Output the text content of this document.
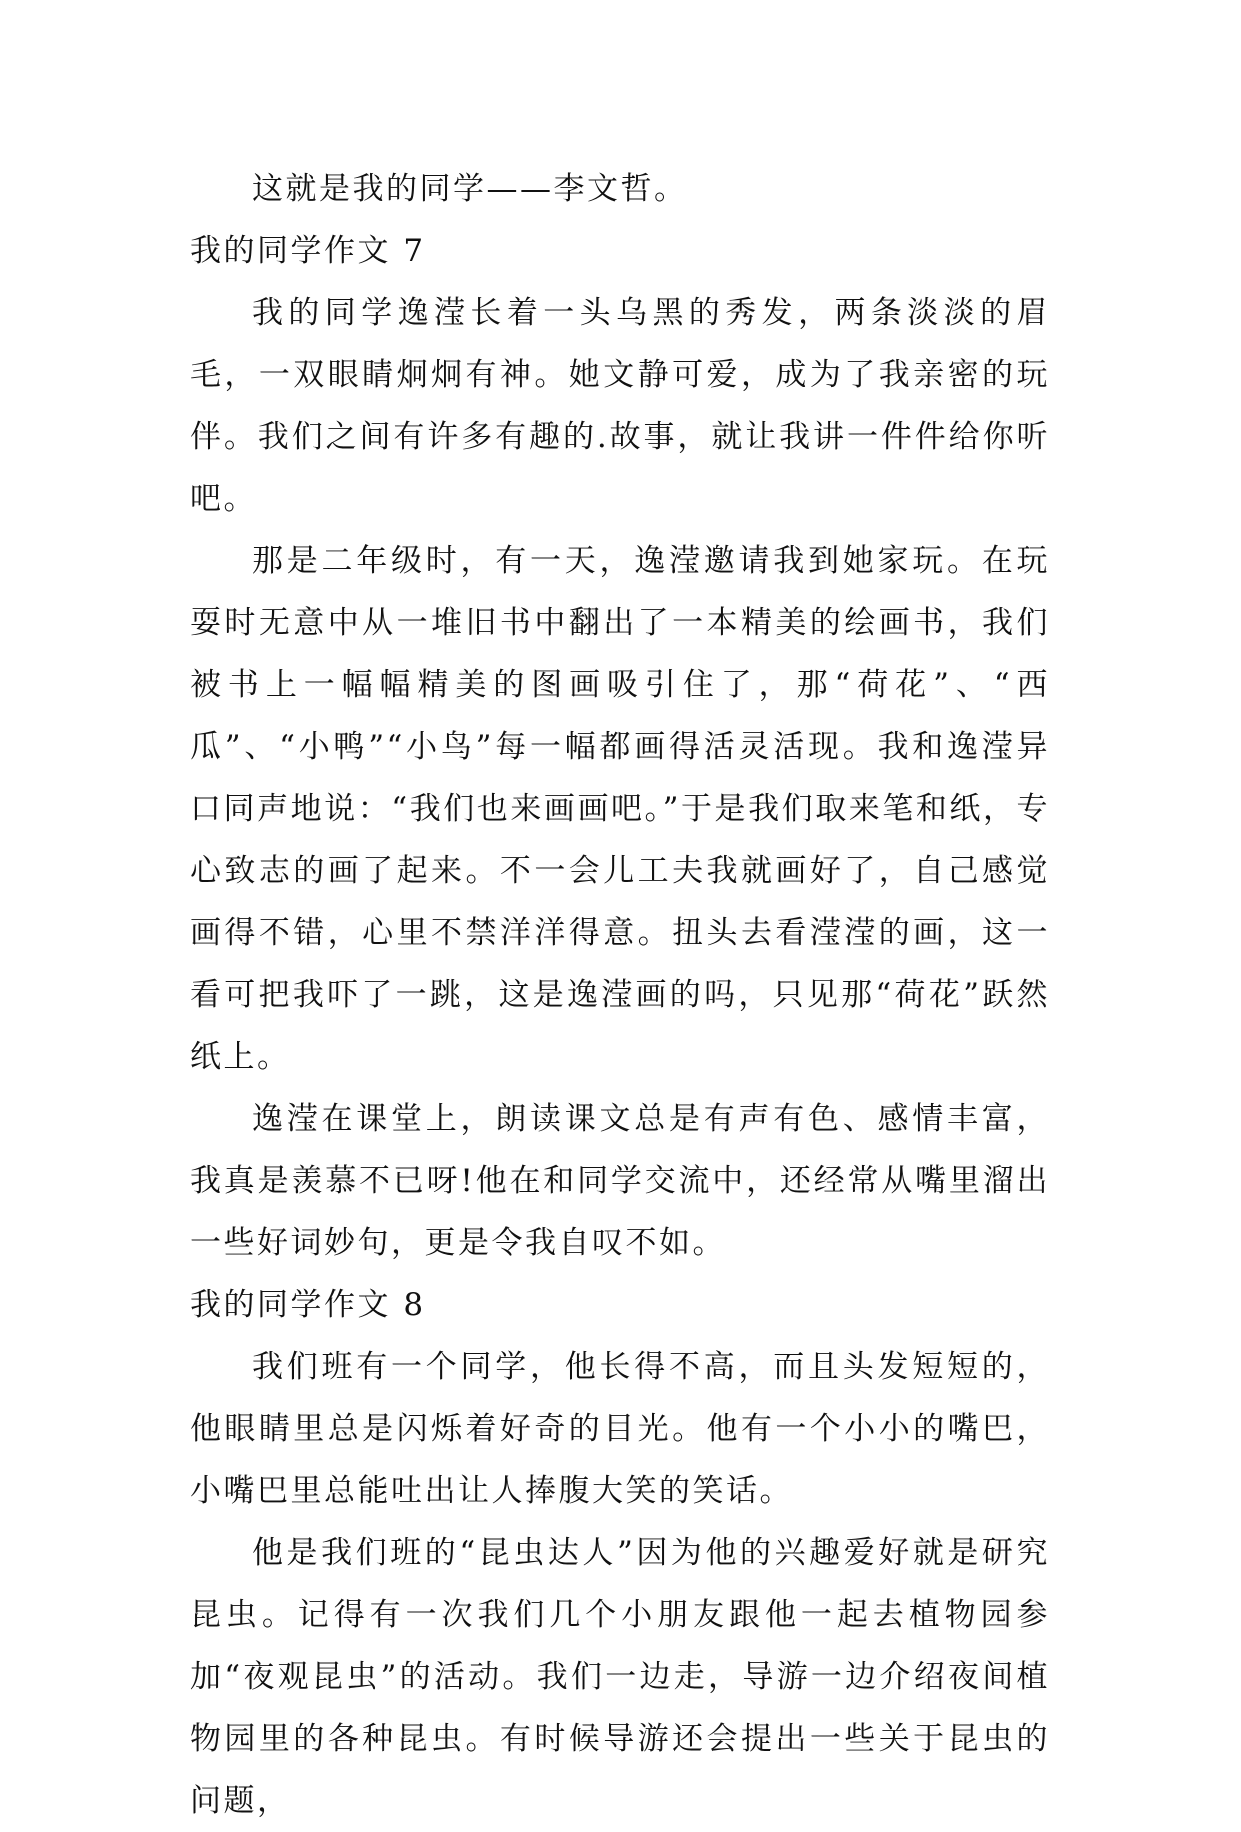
这就是我的同学——李文哲。

我的同学作文 7

我的同学逸滢长着一头乌黑的秀发，两条淡淡的眉毛，一双眼睛炯炯有神。她文静可爱，成为了我亲密的玩伴。我们之间有许多有趣的.故事，就让我讲一件件给你听吧。

那是二年级时，有一天，逸滢邀请我到她家玩。在玩耍时无意中从一堆旧书中翻出了一本精美的绘画书，我们被书上一幅幅精美的图画吸引住了，那“荷花”、“西瓜”、“小鸭”“小鸟”每一幅都画得活灵活现。我和逸滢异口同声地说：“我们也来画画吧。”于是我们取来笔和纸，专心致志的画了起来。不一会儿工夫我就画好了，自己感觉画得不错，心里不禁洋洋得意。扭头去看滢滢的画，这一看可把我吓了一跳，这是逸滢画的吗，只见那“荷花”跃然纸上。

逸滢在课堂上，朗读课文总是有声有色、感情丰富，我真是羡慕不已呀!他在和同学交流中，还经常从嘴里溜出一些好词妙句，更是令我自叹不如。

我的同学作文 8

我们班有一个同学，他长得不高，而且头发短短的，他眼睛里总是闪烁着好奇的目光。他有一个小小的嘴巴，小嘴巴里总能吐出让人捧腹大笑的笑话。

他是我们班的“昆虫达人”因为他的兴趣爱好就是研究昆虫。记得有一次我们几个小朋友跟他一起去植物园参加“夜观昆虫”的活动。我们一边走，导游一边介绍夜间植物园里的各种昆虫。有时候导游还会提出一些关于昆虫的问题，
